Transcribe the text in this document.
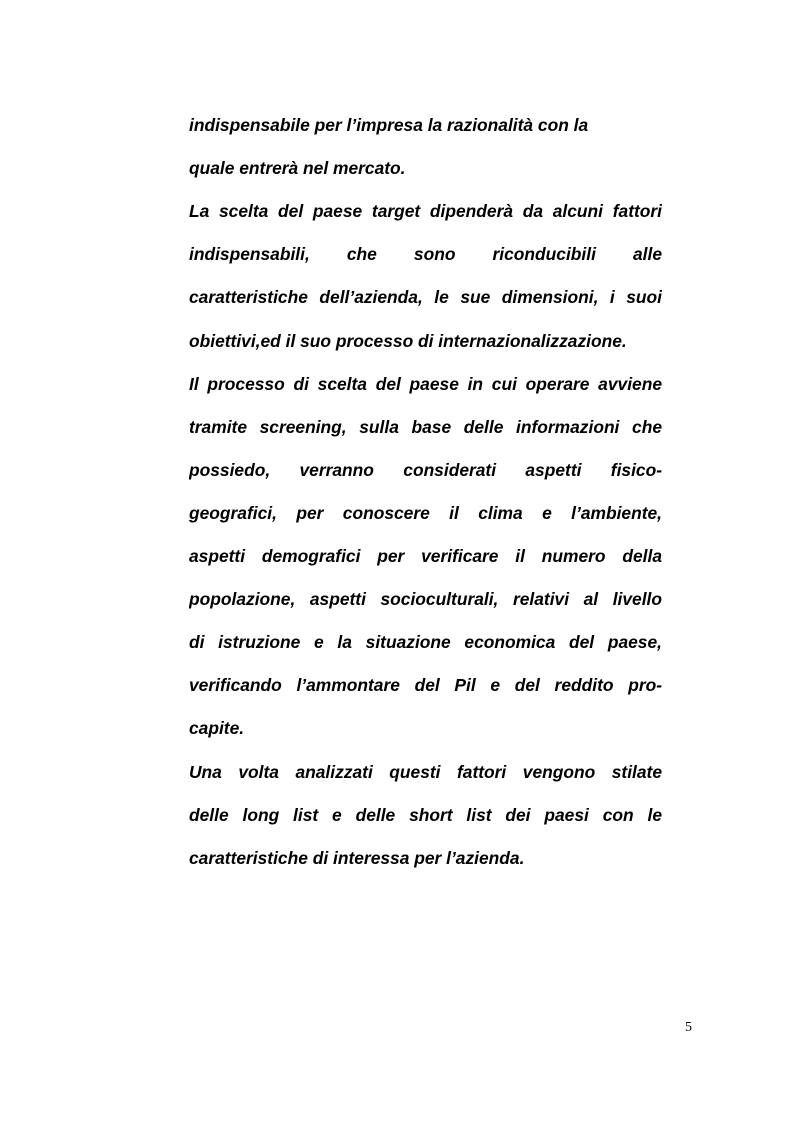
indispensabile per l’impresa la razionalità con la
quale entrerà nel mercato.
La scelta del paese target dipenderà da alcuni fattori
indispensabili, che sono riconducibili alle
caratteristiche dell’azienda, le sue dimensioni, i suoi
obiettivi,ed il suo processo di internazionalizzazione.
Il processo di scelta del paese in cui operare avviene
tramite screening, sulla base delle informazioni che
possiedo, verranno considerati aspetti fisico-
geografici, per conoscere il clima e l’ambiente,
aspetti demografici per verificare il numero della
popolazione, aspetti socioculturali, relativi al livello
di istruzione e la situazione economica del paese,
verificando l’ammontare del Pil e del reddito pro-
capite.
Una volta analizzati questi fattori vengono stilate
delle long list e delle short list dei paesi con le
caratteristiche di interessa per l’azienda.
5
